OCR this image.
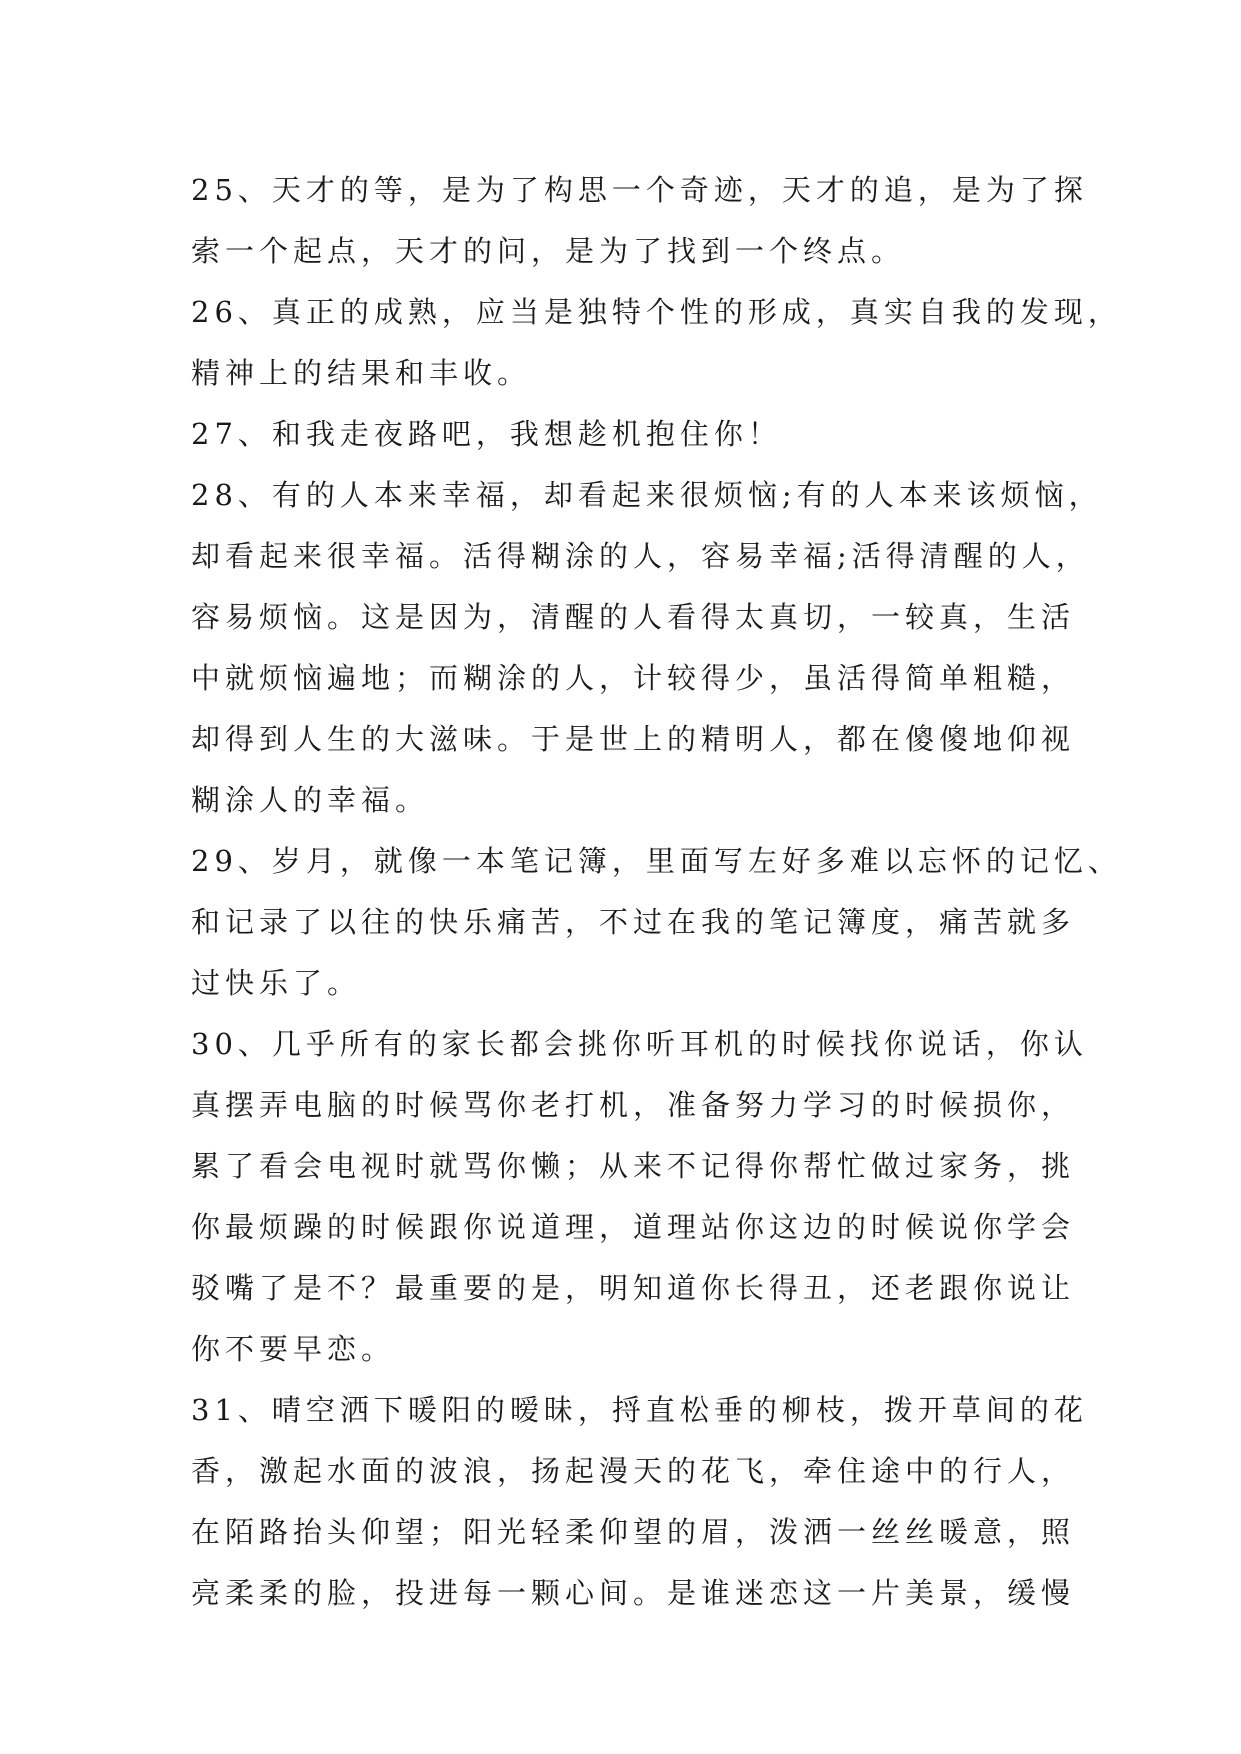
25、天才的等，是为了构思一个奇迹，天才的追，是为了探
索一个起点，天才的问，是为了找到一个终点。
26、真正的成熟，应当是独特个性的形成，真实自我的发现，
精神上的结果和丰收。
27、和我走夜路吧，我想趁机抱住你！
28、有的人本来幸福，却看起来很烦恼;有的人本来该烦恼，
却看起来很幸福。活得糊涂的人，容易幸福;活得清醒的人，
容易烦恼。这是因为，清醒的人看得太真切，一较真，生活
中就烦恼遍地；而糊涂的人，计较得少，虽活得简单粗糙，
却得到人生的大滋味。于是世上的精明人，都在傻傻地仰视
糊涂人的幸福。
29、岁月，就像一本笔记簿，里面写左好多难以忘怀的记忆、
和记录了以往的快乐痛苦，不过在我的笔记簿度，痛苦就多
过快乐了。
30、几乎所有的家长都会挑你听耳机的时候找你说话，你认
真摆弄电脑的时候骂你老打机，准备努力学习的时候损你，
累了看会电视时就骂你懒；从来不记得你帮忙做过家务，挑
你最烦躁的时候跟你说道理，道理站你这边的时候说你学会
驳嘴了是不？最重要的是，明知道你长得丑，还老跟你说让
你不要早恋。
31、晴空洒下暖阳的暧昧，捋直松垂的柳枝，拨开草间的花
香，激起水面的波浪，扬起漫天的花飞，牵住途中的行人，
在陌路抬头仰望；阳光轻柔仰望的眉，泼洒一丝丝暖意，照
亮柔柔的脸，投进每一颗心间。是谁迷恋这一片美景，缓慢
